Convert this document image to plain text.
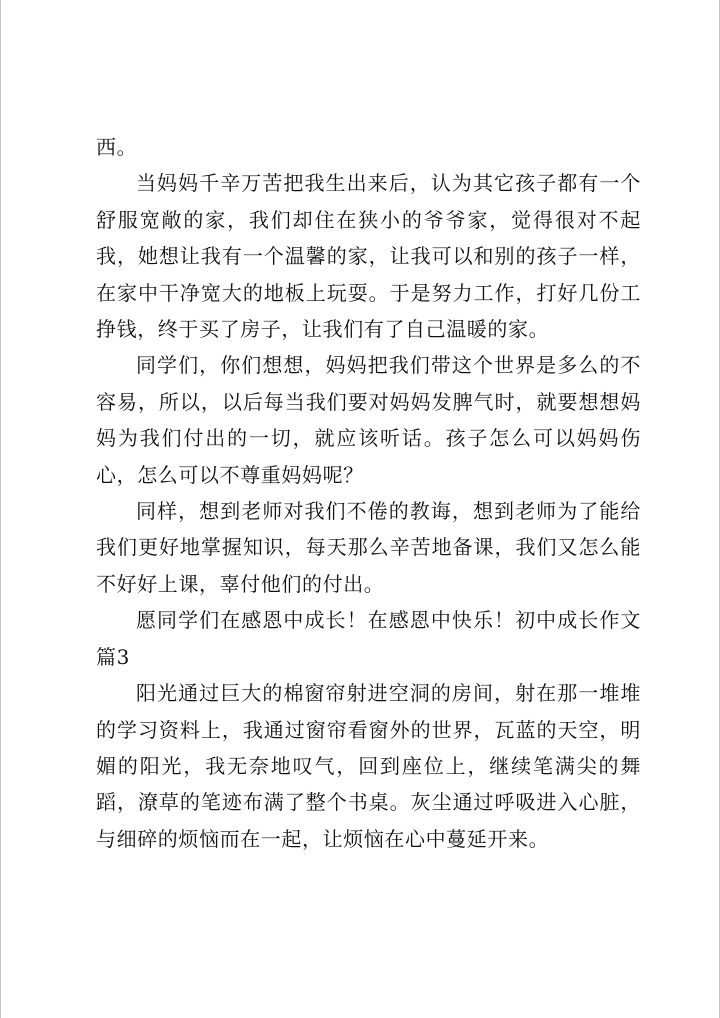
西。

当妈妈千辛万苦把我生出来后，认为其它孩子都有一个舒服宽敞的家，我们却住在狭小的爷爷家，觉得很对不起我，她想让我有一个温馨的家，让我可以和别的孩子一样，在家中干净宽大的地板上玩耍。于是努力工作，打好几份工挣钱，终于买了房子，让我们有了自己温暖的家。

同学们，你们想想，妈妈把我们带这个世界是多么的不容易，所以，以后每当我们要对妈妈发脾气时，就要想想妈妈为我们付出的一切，就应该听话。孩子怎么可以妈妈伤心，怎么可以不尊重妈妈呢？

同样，想到老师对我们不倦的教诲，想到老师为了能给我们更好地掌握知识，每天那么辛苦地备课，我们又怎么能不好好上课，辜付他们的付出。

愿同学们在感恩中成长！在感恩中快乐！初中成长作文　篇3

阳光通过巨大的棉窗帘射进空洞的房间，射在那一堆堆的学习资料上，我通过窗帘看窗外的世界，瓦蓝的天空，明媚的阳光，我无奈地叹气，回到座位上，继续笔满尖的舞蹈，潦草的笔迹布满了整个书桌。灰尘通过呼吸进入心脏，与细碎的烦恼而在一起，让烦恼在心中蔓延开来。
